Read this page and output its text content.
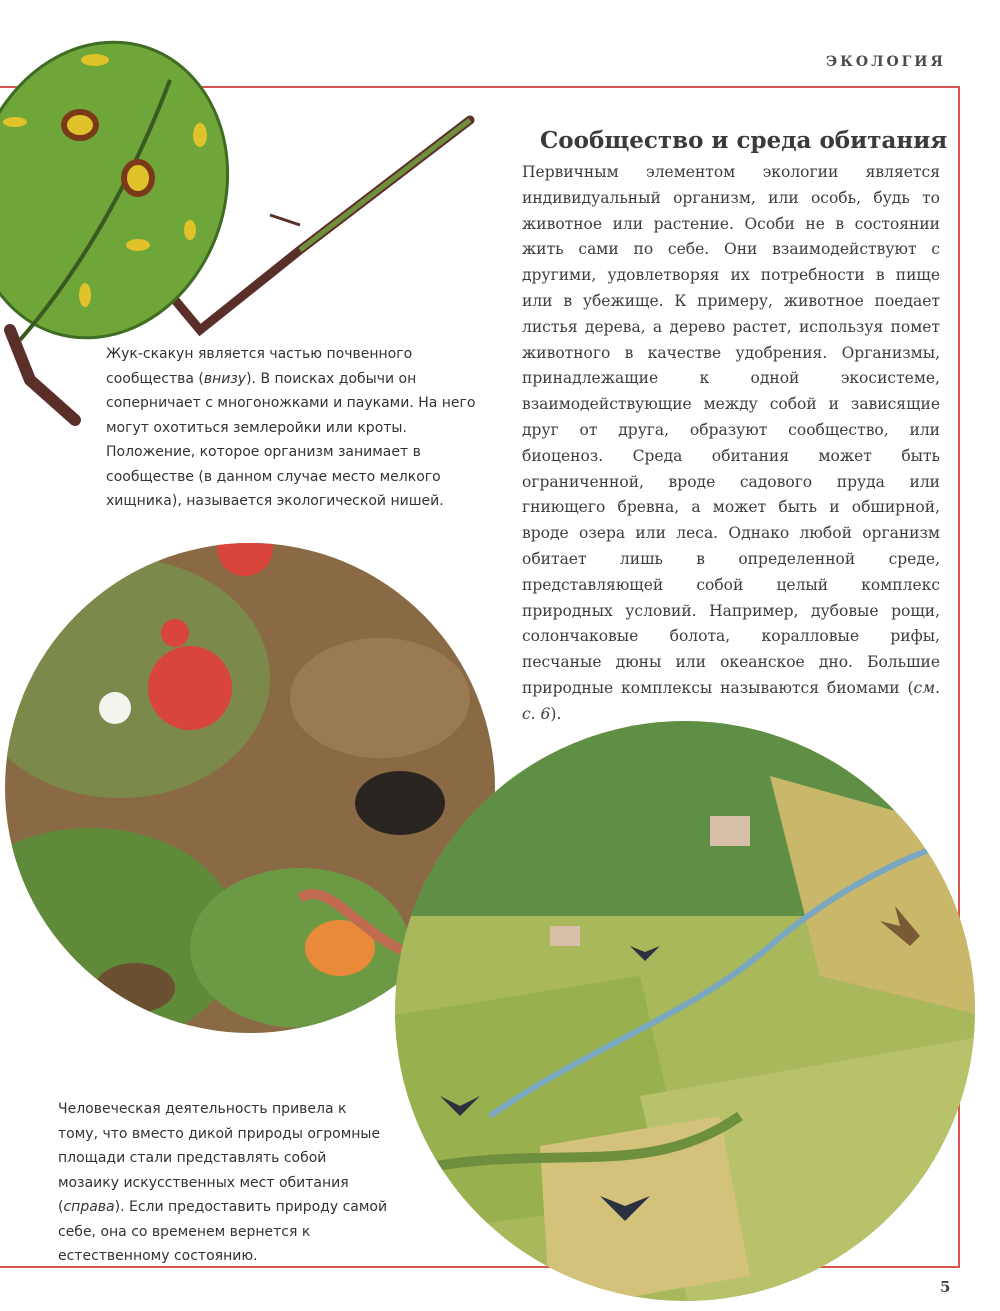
ЭКОЛОГИЯ
Сообщество и среда обитания

Первичным элементом экологии является индивидуальный организм, или особь, будь то животное или растение. Особи не в состоянии жить сами по себе. Они взаимодействуют с другими, удовлетворяя их потребности в пище или в убежище. К примеру, животное поедает листья дерева, а дерево растет, используя помет животного в качестве удобрения. Организмы, принадлежащие к одной экосистеме, взаимодействующие между собой и зависящие друг от друга, образуют сообщество, или биоценоз. Среда обитания может быть ограниченной, вроде садового пруда или гниющего бревна, а может быть и обширной, вроде озера или леса. Однако любой организм обитает лишь в определенной среде, представляющей собой целый комплекс природных условий. Например, дубовые рощи, солончаковые болота, коралловые рифы, песчаные дюны или океанское дно. Большие природные комплексы называются биомами (см. с. 6).

Жук-скакун является частью почвенного сообщества (внизу). В поисках добычи он соперничает с многоножками и пауками. На него могут охотиться землеройки или кроты. Положение, которое организм занимает в сообществе (в данном случае место мелкого хищника), называется экологической нишей.

Человеческая деятельность привела к тому, что вместо дикой природы огромные площади стали представлять собой мозаику искусственных мест обитания (справа). Если предоставить природу самой себе, она со временем вернется к естественному состоянию.

5
